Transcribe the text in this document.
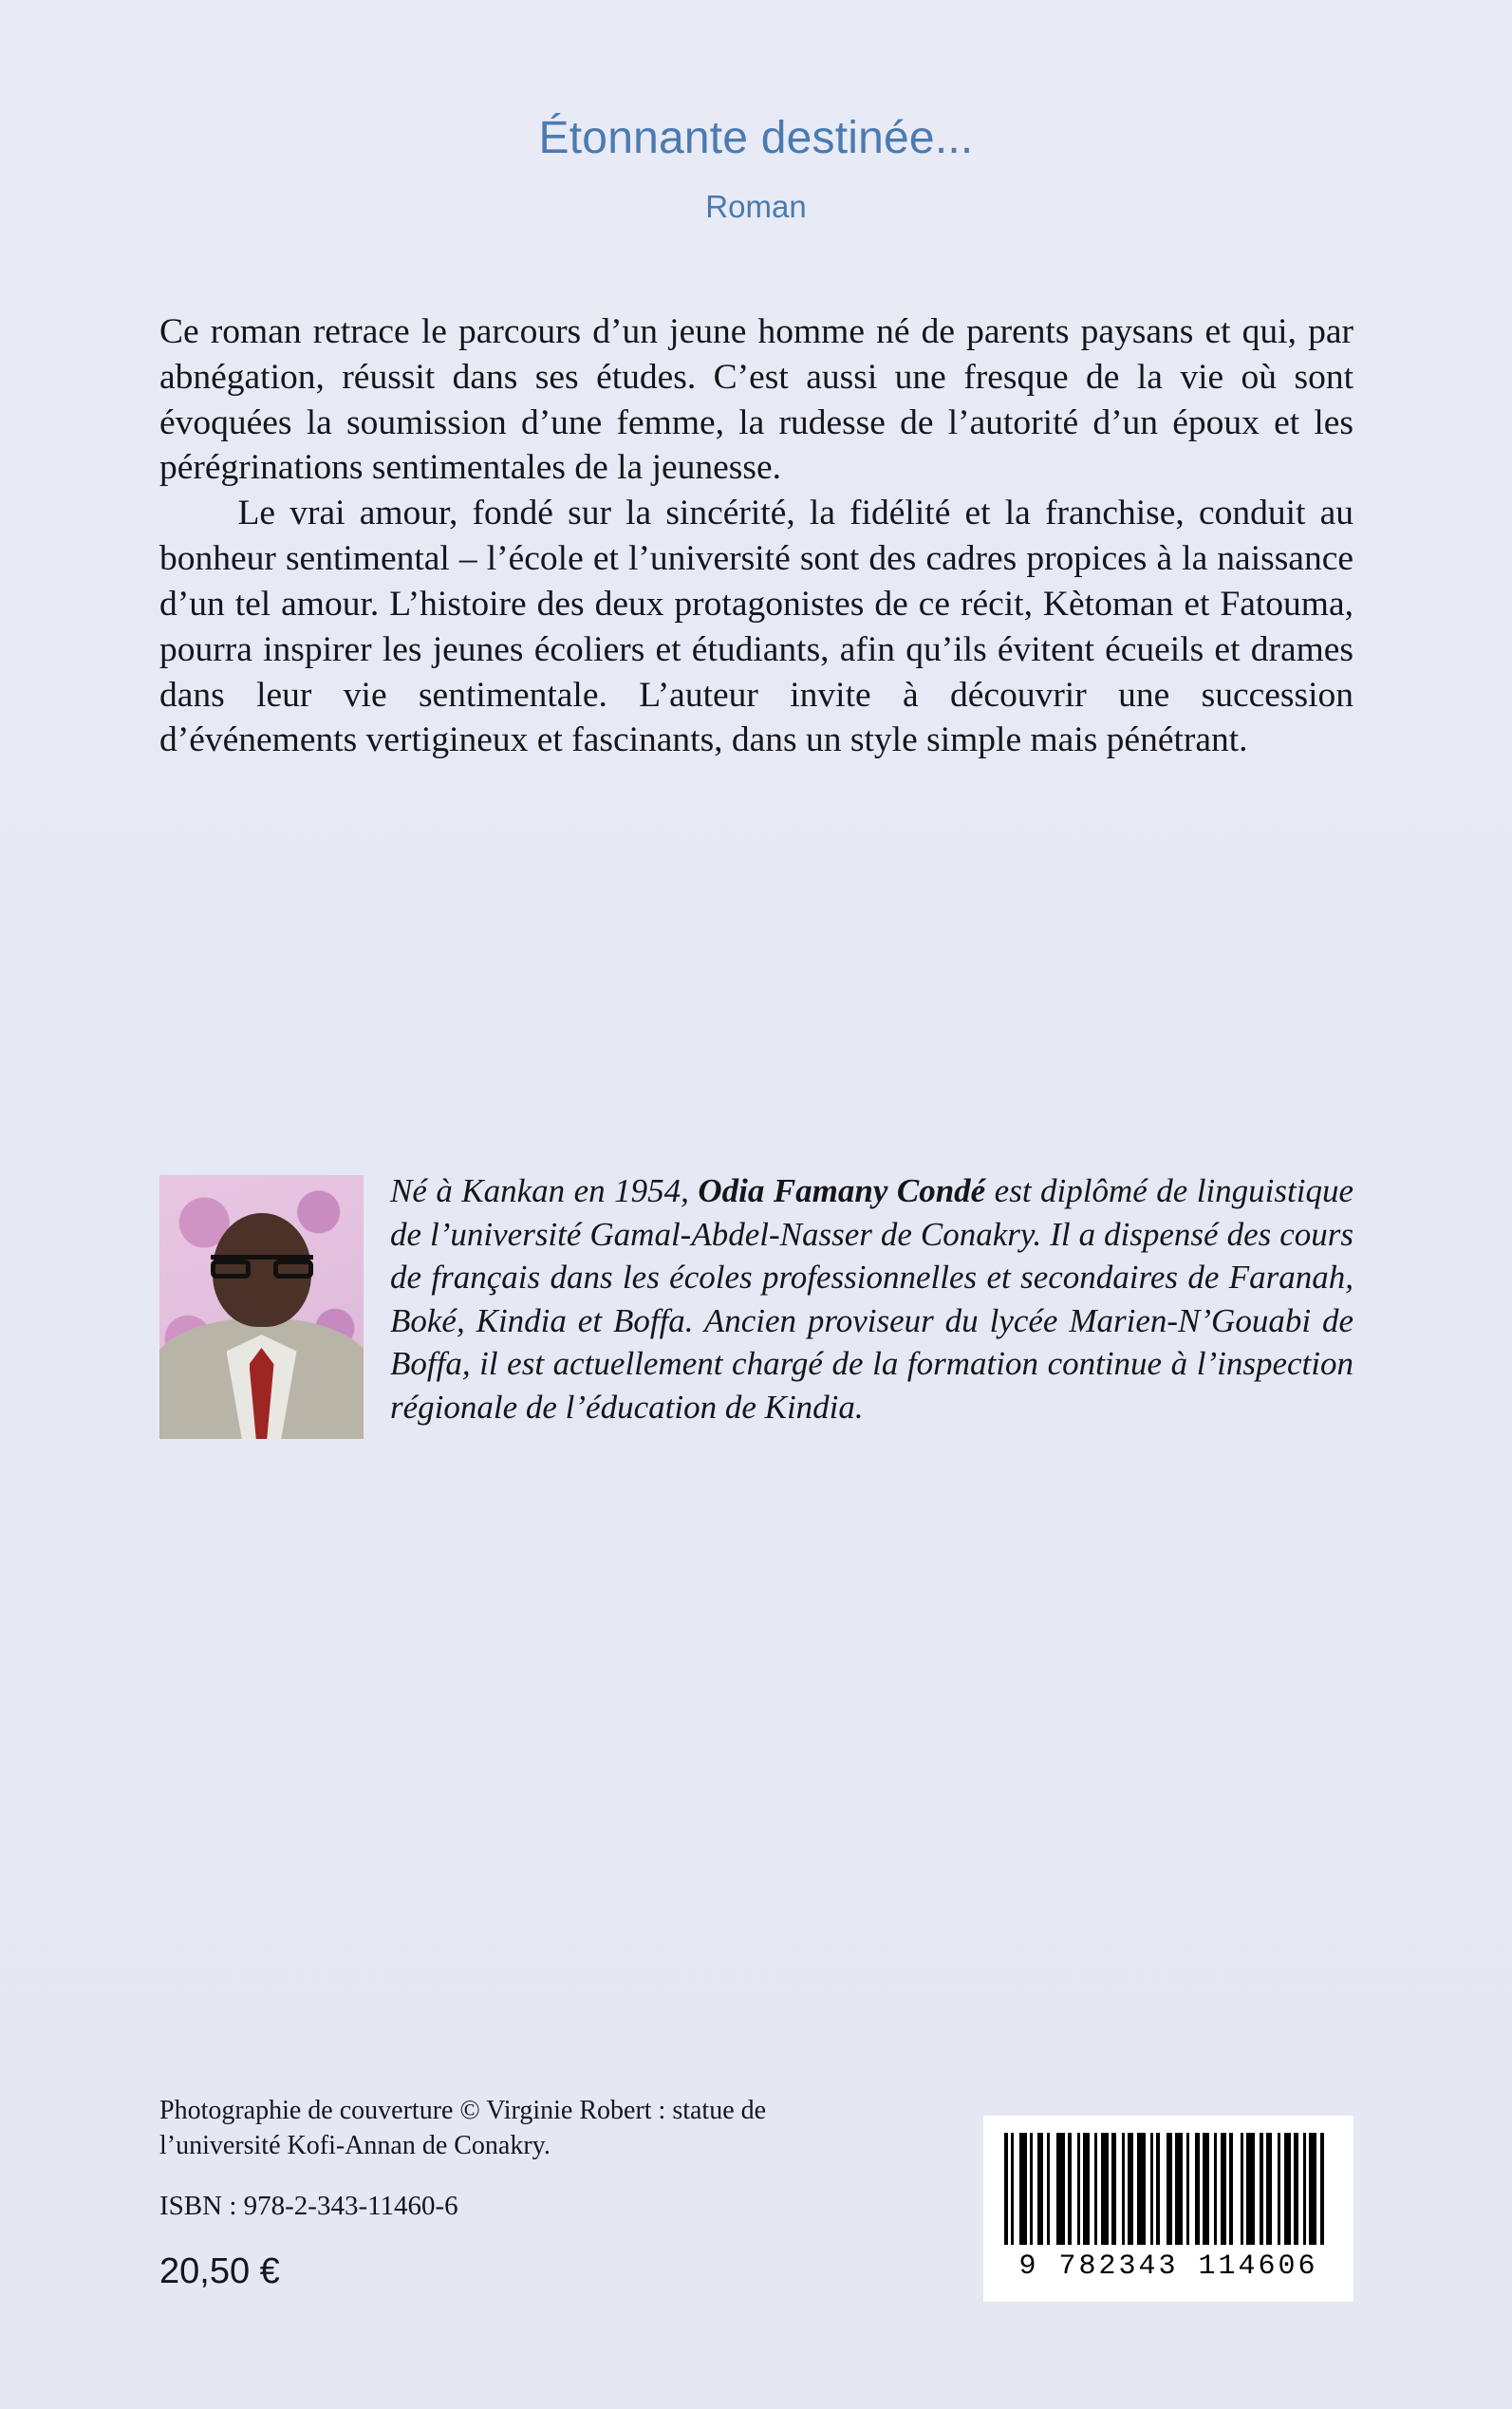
Étonnante destinée...
Roman

Ce roman retrace le parcours d’un jeune homme né de parents paysans et qui, par abnégation, réussit dans ses études. C’est aussi une fresque de la vie où sont évoquées la soumission d’une femme, la rudesse de l’autorité d’un époux et les pérégrinations sentimentales de la jeunesse.

Le vrai amour, fondé sur la sincérité, la fidélité et la franchise, conduit au bonheur sentimental – l’école et l’université sont des cadres propices à la naissance d’un tel amour. L’histoire des deux protagonistes de ce récit, Kètoman et Fatouma, pourra inspirer les jeunes écoliers et étudiants, afin qu’ils évitent écueils et drames dans leur vie sentimentale. L’auteur invite à découvrir une succession d’événements vertigineux et fascinants, dans un style simple mais pénétrant.

Né à Kankan en 1954, Odia Famany Condé est diplômé de linguistique de l’université Gamal-Abdel-Nasser de Conakry. Il a dispensé des cours de français dans les écoles professionnelles et secondaires de Faranah, Boké, Kindia et Boffa. Ancien proviseur du lycée Marien-N’Gouabi de Boffa, il est actuellement chargé de la formation continue à l’inspection régionale de l’éducation de Kindia.
Photographie de couverture © Virginie Robert : statue de l’université Kofi-Annan de Conakry.
ISBN : 978-2-343-11460-6
20,50 €	9 782343 114606
